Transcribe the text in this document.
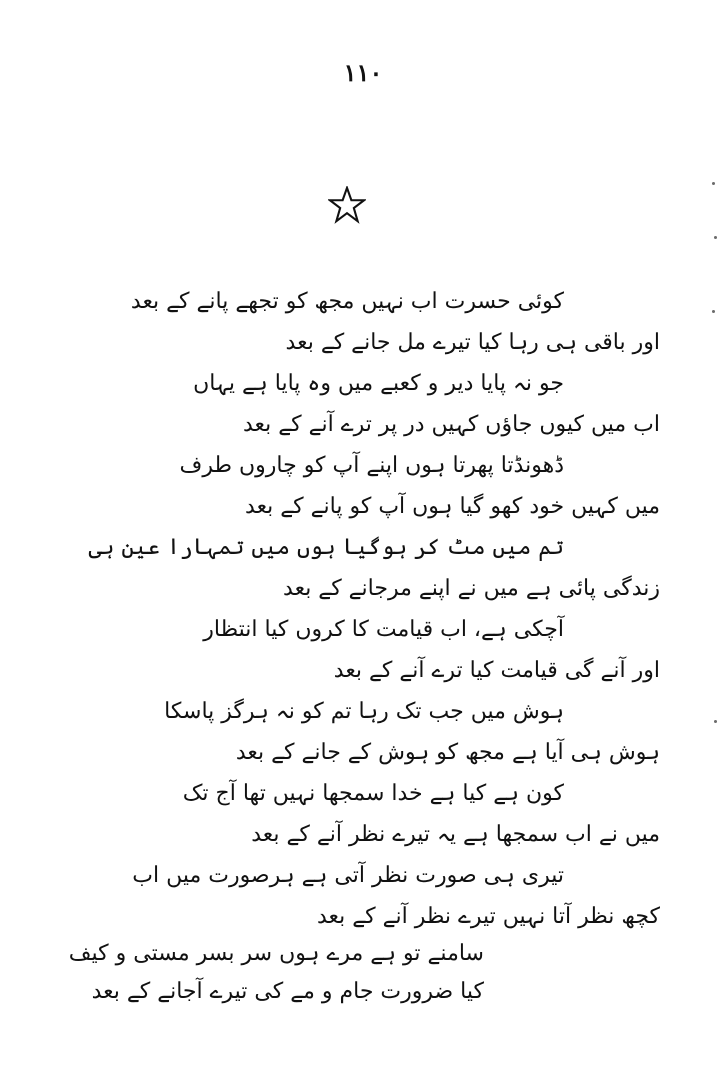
۱۱۰
کوئی حسرت اب نہیں مجھ کو تجھے پانے کے بعد
اور باقی ہی رہا کیا تیرے مل جانے کے بعد
جو نہ پایا دیر و کعبے میں وہ پایا ہے یہاں
اب میں کیوں جاؤں کہیں در پر ترے آنے کے بعد
ڈھونڈتا پھرتا ہوں اپنے آپ کو چاروں طرف
میں کہیں خود کھو گیا ہوں آپ کو پانے کے بعد
تم میں مٹ کر ہوگیا ہوں میں تمہارا عین ہی
زندگی پائی ہے میں نے اپنے مرجانے کے بعد
آچکی ہے، اب قیامت کا کروں کیا انتظار
اور آنے گی قیامت کیا ترے آنے کے بعد
ہوش میں جب تک رہا تم کو نہ ہرگز پاسکا
ہوش ہی آیا ہے مجھ کو ہوش کے جانے کے بعد
کون ہے کیا ہے خدا سمجھا نہیں تھا آج تک
میں نے اب سمجھا ہے یہ تیرے نظر آنے کے بعد
تیری ہی صورت نظر آتی ہے ہرصورت میں اب
کچھ نظر آتا نہیں تیرے نظر آنے کے بعد
سامنے تو ہے مرے ہوں سر بسر مستی و کیف
کیا ضرورت جام و مے کی تیرے آجانے کے بعد
